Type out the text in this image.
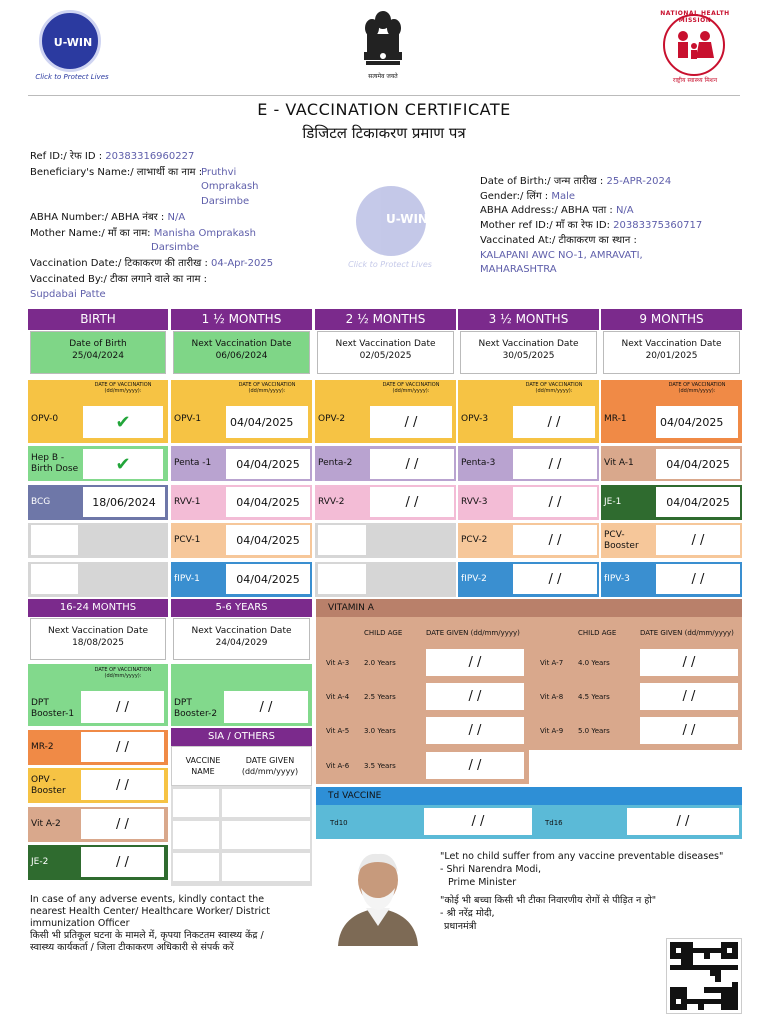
U-WIN
Click to Protect Lives	सत्यमेव जयते
NATIONAL HEALTH MISSION
राष्ट्रीय स्वास्थ्य मिशन
E - VACCINATION CERTIFICATE
डिजिटल टिकाकरण प्रमाण पत्र
Ref ID:/ रेफ ID : 20383316960227
Beneficiary's Name:/ लाभार्थी का नाम :
Pruthvi
Omprakash
Darsimbe
ABHA Number:/ ABHA नंबर : N/A
Mother Name:/ माँ का नाम: Manisha Omprakash
Darsimbe
Vaccination Date:/ टिकाकरण की तारीख : 04-Apr-2025
Vaccinated By:/ टीका लगाने वाले का नाम :
Supdabai Patte
U-WIN
Click to Protect Lives
Date of Birth:/ जन्म तारीख : 25-APR-2024
Gender:/ लिंग : Male
ABHA Address:/ ABHA पता : N/A
Mother ref ID:/ माँ का रेफ ID: 20383375360717
Vaccinated At:/ टीकाकरण का स्थान :
KALAPANI AWC NO-1, AMRAVATI,
MAHARASHTRA
BIRTH	1 ½ MONTHS	2 ½ MONTHS	3 ½ MONTHS	9 MONTHS
Date of Birth
25/04/2024
Next Vaccination Date
06/06/2024
Next Vaccination Date
02/05/2025
Next Vaccination Date
30/05/2025
Next Vaccination Date
20/01/2025
OPV-0
DATE OF VACCINATION
(dd/mm/yyyy):
✔
Hep B -
Birth Dose ✔
BCG	18/06/2024
OPV-1
DATE OF VACCINATION
(dd/mm/yyyy):
04/04/2025
Penta -1	04/04/2025
RVV-1	04/04/2025
PCV-1	04/04/2025
fIPV-1	04/04/2025
OPV-2
DATE OF VACCINATION
(dd/mm/yyyy):
/ /
Penta-2	/ /
RVV-2	/ /
OPV-3
DATE OF VACCINATION
(dd/mm/yyyy):
/ /
Penta-3	/ /
RVV-3	/ /
PCV-2	/ /
fIPV-2	/ /
MR-1
DATE OF VACCINATION
(dd/mm/yyyy):
04/04/2025
Vit A-1	04/04/2025
JE-1	04/04/2025
PCV-
Booster	/ /
fIPV-3	/ /
16-24 MONTHS
Next Vaccination Date
18/08/2025
DPT
Booster-1
DATE OF VACCINATION
(dd/mm/yyyy):
/ /
MR-2	/ /
OPV -
Booster	/ /
Vit A-2	/ /
JE-2	/ /
5-6 YEARS
Next Vaccination Date
24/04/2029
DPT
Booster-2	/ /
SIA / OTHERS
VACCINE
NAME
DATE GIVEN
(dd/mm/yyyy)
VITAMIN A
CHILD AGE	DATE GIVEN (dd/mm/yyyy)	CHILD AGE	DATE GIVEN (dd/mm/yyyy)
Vit A-3 2.0 Years	/ /
Vit A-4 2.5 Years	/ /
Vit A-5 3.0 Years	/ /
Vit A-6 3.5 Years	/ /
Vit A-7 4.0 Years	/ /
Vit A-8 4.5 Years	/ /
Vit A-9 5.0 Years	/ /
Td VACCINE
Td10	/ /	Td16	/ /
"Let no child suffer from any vaccine preventable diseases"
- Shri Narendra Modi,
Prime Minister
"कोई भी बच्चा किसी भी टीका निवारणीय रोगों से पीड़ित न हो"
- श्री नरेंद्र मोदी,
प्रधानमंत्री
In case of any adverse events, kindly contact the
nearest Health Center/ Healthcare Worker/ District
immunization Officer
किसी भी प्रतिकूल घटना के मामले में, कृपया निकटतम स्वास्थ्य केंद्र /
स्वास्थ्य कार्यकर्ता / जिला टीकाकरण अधिकारी से संपर्क करें
